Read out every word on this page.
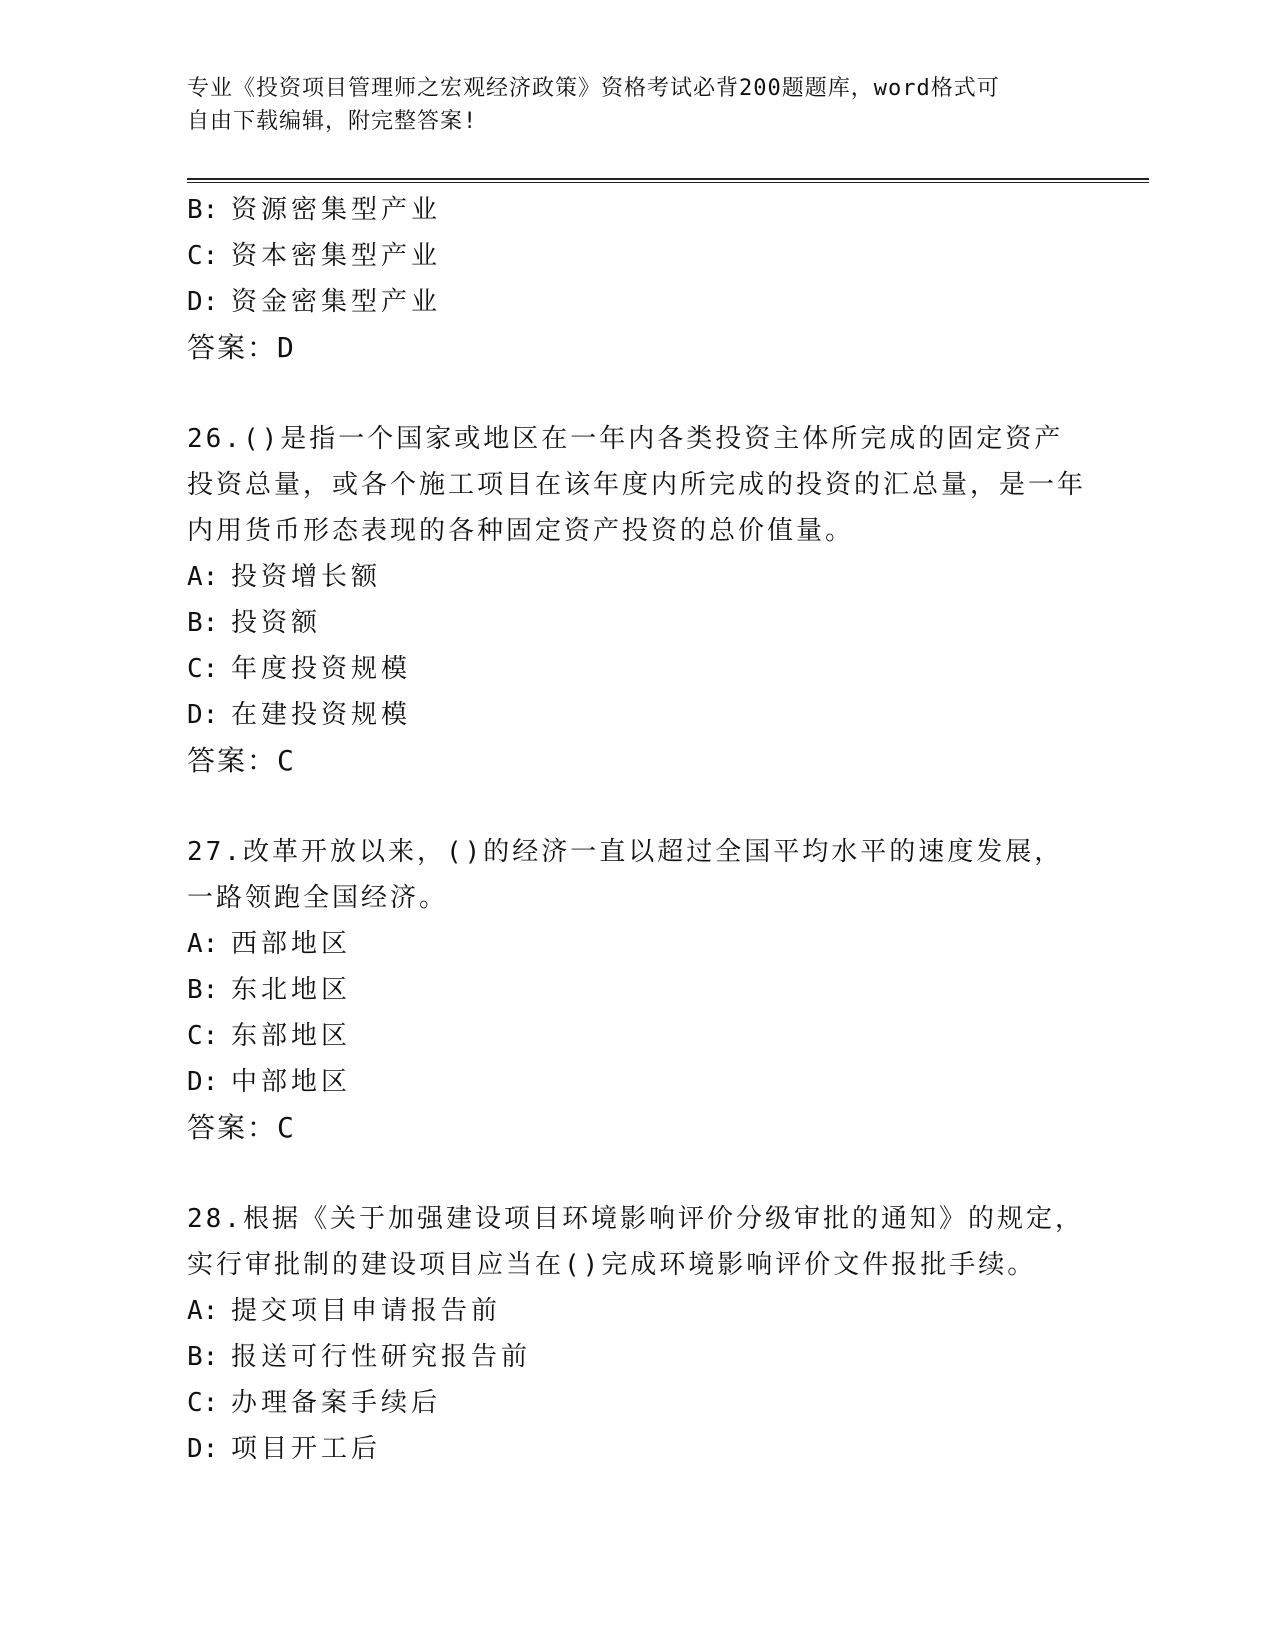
专业《投资项目管理师之宏观经济政策》资格考试必背200题题库，word格式可
自由下载编辑，附完整答案!
B: 资源密集型产业
C: 资本密集型产业
D: 资金密集型产业
答案：D
26.()是指一个国家或地区在一年内各类投资主体所完成的固定资产投资总量，或各个施工项目在该年度内所完成的投资的汇总量，是一年内用货币形态表现的各种固定资产投资的总价值量。
A: 投资增长额
B: 投资额
C: 年度投资规模
D: 在建投资规模
答案：C
27.改革开放以来，()的经济一直以超过全国平均水平的速度发展，一路领跑全国经济。
A: 西部地区
B: 东北地区
C: 东部地区
D: 中部地区
答案：C
28.根据《关于加强建设项目环境影响评价分级审批的通知》的规定，实行审批制的建设项目应当在()完成环境影响评价文件报批手续。
A: 提交项目申请报告前
B: 报送可行性研究报告前
C: 办理备案手续后
D: 项目开工后
